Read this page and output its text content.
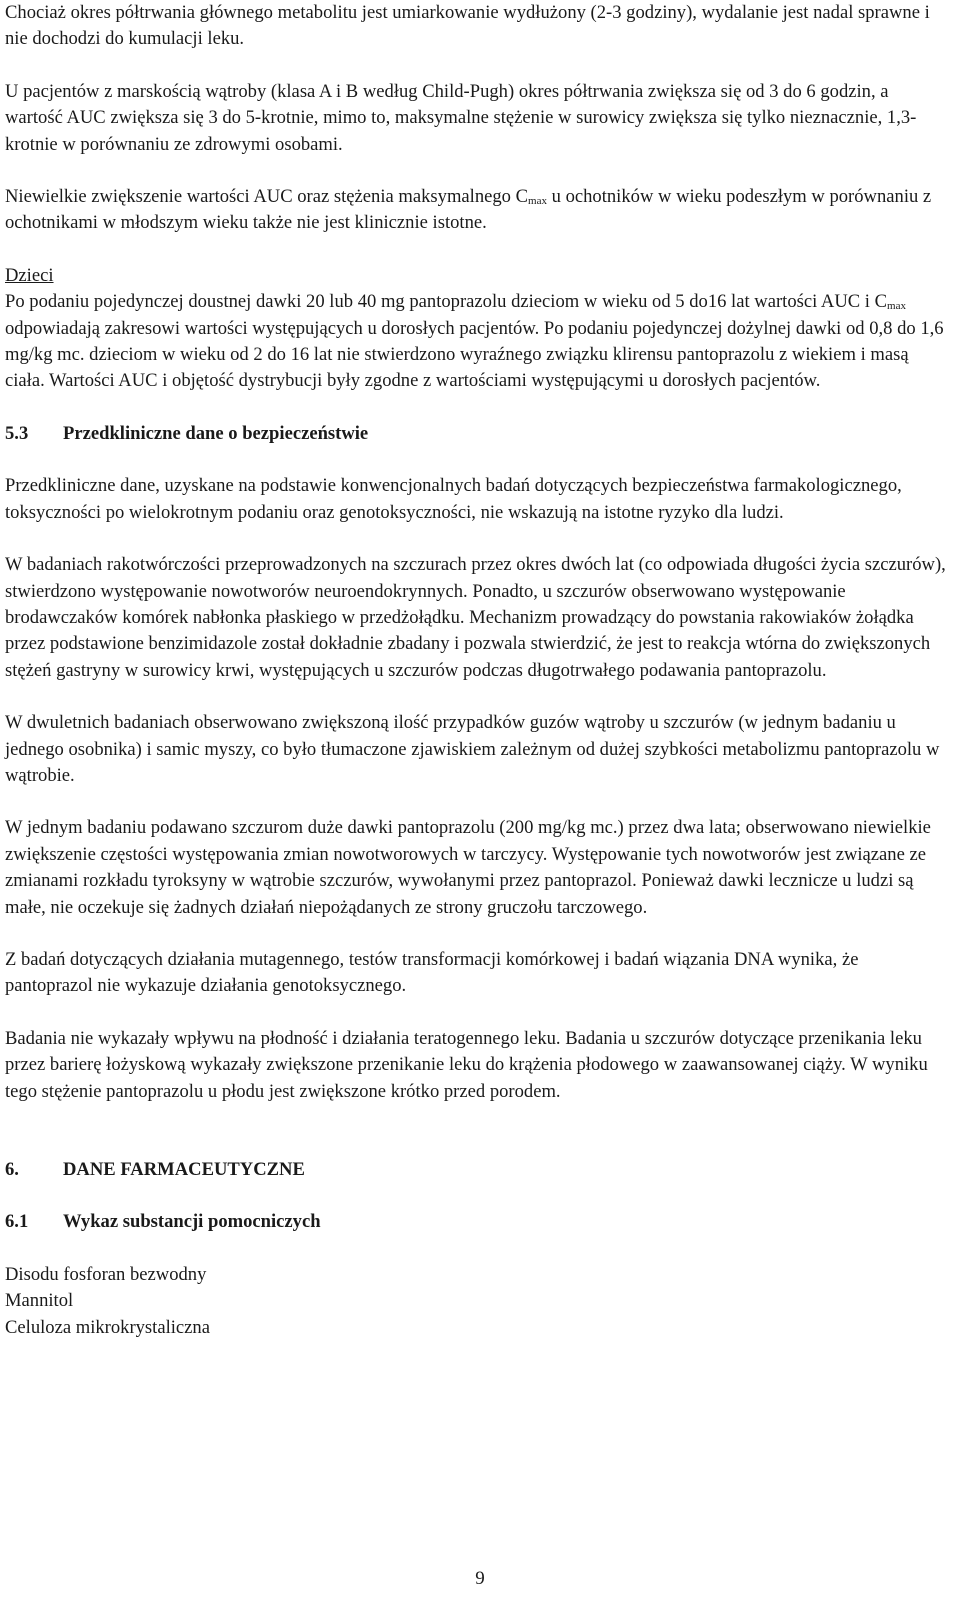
Chociaż okres półtrwania głównego metabolitu jest umiarkowanie wydłużony (2-3 godziny), wydalanie jest nadal sprawne i nie dochodzi do kumulacji leku.

U pacjentów z marskością wątroby (klasa A i B według Child-Pugh) okres półtrwania zwiększa się od 3 do 6 godzin, a wartość AUC zwiększa się 3 do 5-krotnie, mimo to, maksymalne stężenie w surowicy zwiększa się tylko nieznacznie, 1,3-krotnie w porównaniu ze zdrowymi osobami.

Niewielkie zwiększenie wartości AUC oraz stężenia maksymalnego $C_{max}$ u ochotników w wieku podeszłym w porównaniu z ochotnikami w młodszym wieku także nie jest klinicznie istotne.

Dzieci

Po podaniu pojedynczej doustnej dawki 20 lub 40 mg pantoprazolu dzieciom w wieku od 5 do16 lat wartości AUC i $C_{max}$ odpowiadają zakresowi wartości występujących u dorosłych pacjentów. Po podaniu pojedynczej dożylnej dawki od 0,8 do 1,6 mg/kg mc. dzieciom w wieku od 2 do 16 lat nie stwierdzono wyraźnego związku klirensu pantoprazolu z wiekiem i masą ciała. Wartości AUC i objętość dystrybucji były zgodne z wartościami występującymi u dorosłych pacjentów.

5.3	Przedkliniczne dane o bezpieczeństwie

Przedkliniczne dane, uzyskane na podstawie konwencjonalnych badań dotyczących bezpieczeństwa farmakologicznego, toksyczności po wielokrotnym podaniu oraz genotoksyczności, nie wskazują na istotne ryzyko dla ludzi.

W badaniach rakotwórczości przeprowadzonych na szczurach przez okres dwóch lat (co odpowiada długości życia szczurów), stwierdzono występowanie nowotworów neuroendokrynnych. Ponadto, u szczurów obserwowano występowanie brodawczaków komórek nabłonka płaskiego w przedżołądku. Mechanizm prowadzący do powstania rakowiaków żołądka przez podstawione benzimidazole został dokładnie zbadany i pozwala stwierdzić, że jest to reakcja wtórna do zwiększonych stężeń gastryny w surowicy krwi, występujących u szczurów podczas długotrwałego podawania pantoprazolu.

W dwuletnich badaniach obserwowano zwiększoną ilość przypadków guzów wątroby u szczurów (w jednym badaniu u jednego osobnika) i samic myszy, co było tłumaczone zjawiskiem zależnym od dużej szybkości metabolizmu pantoprazolu w wątrobie.

W jednym badaniu podawano szczurom duże dawki pantoprazolu (200 mg/kg mc.) przez dwa lata; obserwowano niewielkie zwiększenie częstości występowania zmian nowotworowych w tarczycy. Występowanie tych nowotworów jest związane ze zmianami rozkładu tyroksyny w wątrobie szczurów, wywołanymi przez pantoprazol. Ponieważ dawki lecznicze u ludzi są małe, nie oczekuje się żadnych działań niepożądanych ze strony gruczołu tarczowego.

Z badań dotyczących działania mutagennego, testów transformacji komórkowej i badań wiązania DNA wynika, że pantoprazol nie wykazuje działania genotoksycznego.

Badania nie wykazały wpływu na płodność i działania teratogennego leku. Badania u szczurów dotyczące przenikania leku przez barierę łożyskową wykazały zwiększone przenikanie leku do krążenia płodowego w zaawansowanej ciąży. W wyniku tego stężenie pantoprazolu u płodu jest zwiększone krótko przed porodem.

6.	DANE FARMACEUTYCZNE

6.1	Wykaz substancji pomocniczych

Disodu fosforan bezwodny

Mannitol

Celuloza mikrokrystaliczna

9
